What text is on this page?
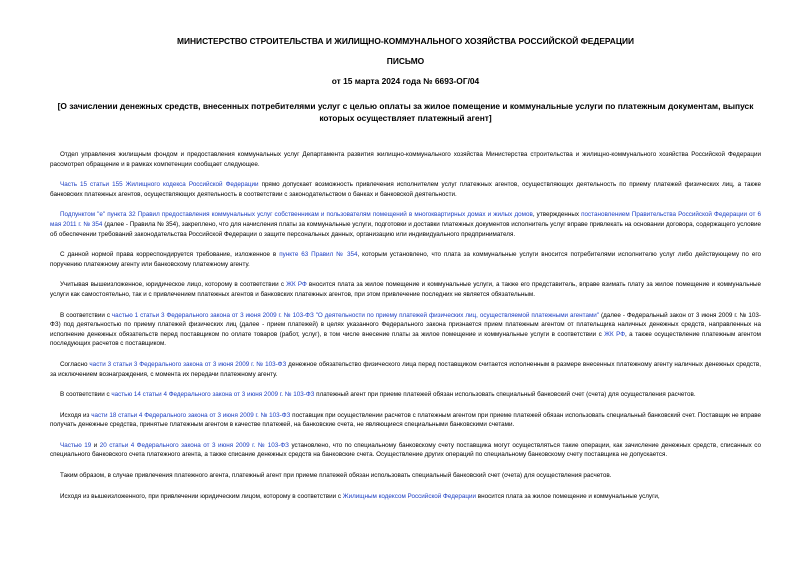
МИНИСТЕРСТВО СТРОИТЕЛЬСТВА И ЖИЛИЩНО-КОММУНАЛЬНОГО ХОЗЯЙСТВА РОССИЙСКОЙ ФЕДЕРАЦИИ
ПИСЬМО
от 15 марта 2024 года № 6693-ОГ/04
[О зачислении денежных средств, внесенных потребителями услуг с целью оплаты за жилое помещение и коммунальные услуги по платежным документам, выпуск которых осуществляет платежный агент]
Отдел управления жилищным фондом и предоставления коммунальных услуг Департамента развития жилищно-коммунального хозяйства Министерства строительства и жилищно-коммунального хозяйства Российской Федерации рассмотрел обращение и в рамках компетенции сообщает следующее.
Часть 15 статьи 155 Жилищного кодекса Российской Федерации прямо допускает возможность привлечения исполнителем услуг платежных агентов, осуществляющих деятельность по приему платежей физических лиц, а также банковских платежных агентов, осуществляющих деятельность в соответствии с законодательством о банках и банковской деятельности.
Подпунктом "е" пункта 32 Правил предоставления коммунальных услуг собственникам и пользователям помещений в многоквартирных домах и жилых домов, утвержденных постановлением Правительства Российской Федерации от 6 мая 2011 г. № 354 (далее - Правила № 354), закреплено, что для начисления платы за коммунальные услуги, подготовки и доставки платежных документов исполнитель услуг вправе привлекать на основании договора, содержащего условие об обеспечении требований законодательства Российской Федерации о защите персональных данных, организацию или индивидуального предпринимателя.
С данной нормой права корреспондируется требование, изложенное в пункте 63 Правил № 354, которым установлено, что плата за коммунальные услуги вносится потребителями исполнителю услуг либо действующему по его поручению платежному агенту или банковскому платежному агенту.
Учитывая вышеизложенное, юридическое лицо, которому в соответствии с ЖК РФ вносится плата за жилое помещение и коммунальные услуги, а также его представитель, вправе взимать плату за жилое помещение и коммунальные услуги как самостоятельно, так и с привлечением платежных агентов и банковских платежных агентов, при этом привлечение последних не является обязательным.
В соответствии с частью 1 статьи 3 Федерального закона от 3 июня 2009 г. № 103-ФЗ "О деятельности по приему платежей физических лиц, осуществляемой платежными агентами" (далее - Федеральный закон от 3 июня 2009 г. № 103-ФЗ) под деятельностью по приему платежей физических лиц (далее - прием платежей) в целях указанного Федерального закона признается прием платежным агентом от плательщика наличных денежных средств, направленных на исполнение денежных обязательств перед поставщиком по оплате товаров (работ, услуг), в том числе внесение платы за жилое помещение и коммунальные услуги в соответствии с ЖК РФ, а также осуществление платежным агентом последующих расчетов с поставщиком.
Согласно части 3 статьи 3 Федерального закона от 3 июня 2009 г. № 103-ФЗ денежное обязательство физического лица перед поставщиком считается исполненным в размере внесенных платежному агенту наличных денежных средств, за исключением вознаграждения, с момента их передачи платежному агенту.
В соответствии с частью 14 статьи 4 Федерального закона от 3 июня 2009 г. № 103-ФЗ платежный агент при приеме платежей обязан использовать специальный банковский счет (счета) для осуществления расчетов.
Исходя из части 18 статьи 4 Федерального закона от 3 июня 2009 г. № 103-ФЗ поставщик при осуществлении расчетов с платежным агентом при приеме платежей обязан использовать специальный банковский счет. Поставщик не вправе получать денежные средства, принятые платежным агентом в качестве платежей, на банковские счета, не являющиеся специальными банковскими счетами.
Частью 19 и 20 статьи 4 Федерального закона от 3 июня 2009 г. № 103-ФЗ установлено, что по специальному банковскому счету поставщика могут осуществляться такие операции, как зачисление денежных средств, списанных со специального банковского счета платежного агента, а также списание денежных средств на банковские счета. Осуществление других операций по специальному банковскому счету поставщика не допускается.
Таким образом, в случае привлечения платежного агента, платежный агент при приеме платежей обязан использовать специальный банковский счет (счета) для осуществления расчетов.
Исходя из вышеизложенного, при привлечении юридическим лицом, которому в соответствии с Жилищным кодексом Российской Федерации вносится плата за жилое помещение и коммунальные услуги,
